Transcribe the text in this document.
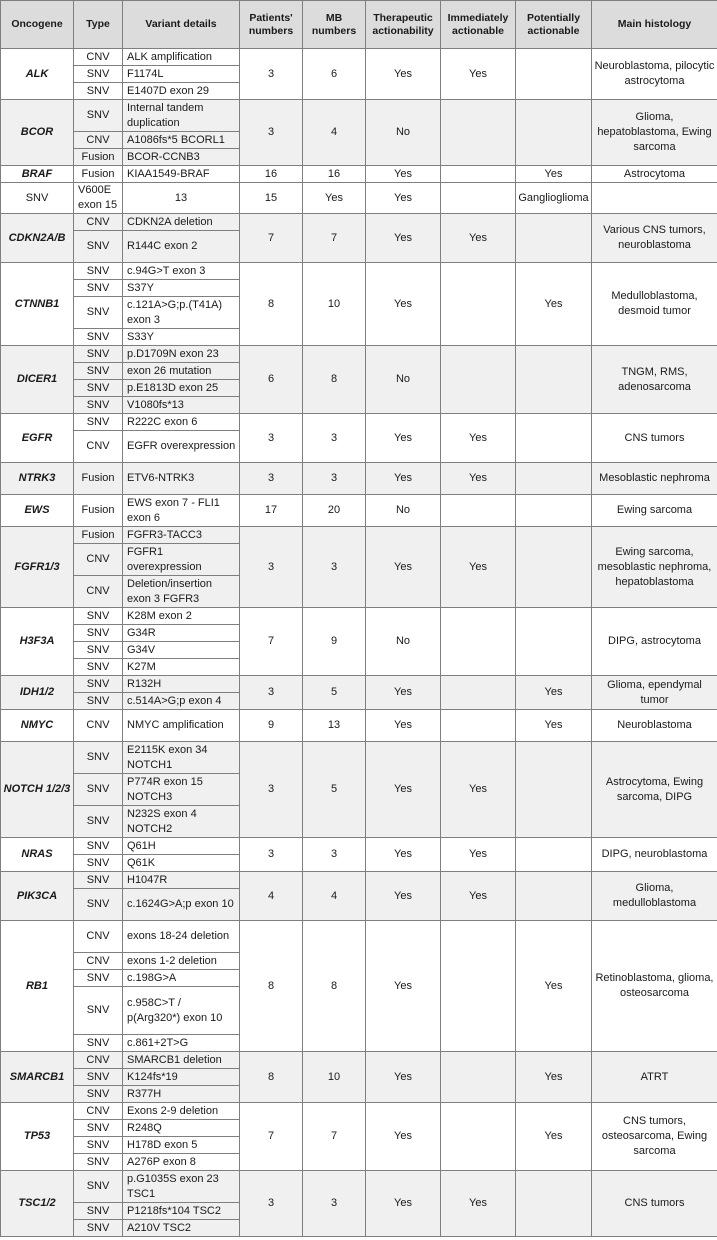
Oncogene	Type	Variant details	Patients' numbers	MB numbers	Therapeutic actionability	Immediately actionable	Potentially actionable	Main histology
ALK	CNV	ALK amplification	3	6	Yes	Yes		Neuroblastoma, pilocytic astrocytoma
	SNV	F1174L						
	SNV	E1407D exon 29						
BCOR	SNV	Internal tandem duplication	3	4	No			Glioma, hepatoblastoma, Ewing sarcoma
	CNV	A1086fs*5 BCORL1						
	Fusion	BCOR-CCNB3						
BRAF	Fusion	KIAA1549-BRAF	16	16	Yes		Yes	Astrocytoma
SNV	V600E exon 15	13	15	Yes	Yes		Ganglioglioma	
CDKN2A/B	CNV	CDKN2A deletion	7	7	Yes	Yes		Various CNS tumors, neuroblastoma
	SNV	R144C exon 2						
CTNNB1	SNV	c.94G>T exon 3	8	10	Yes		Yes	Medulloblastoma, desmoid tumor
	SNV	S37Y						
	SNV	c.121A>G;p.(T41A) exon 3						
	SNV	S33Y						
DICER1	SNV	p.D1709N exon 23	6	8	No			TNGM, RMS, adenosarcoma
	SNV	exon 26 mutation						
	SNV	p.E1813D exon 25						
	SNV	V1080fs*13						
EGFR	SNV	R222C exon 6	3	3	Yes	Yes		CNS tumors
	CNV	EGFR overexpression						
NTRK3	Fusion	ETV6-NTRK3	3	3	Yes	Yes		Mesoblastic nephroma
EWS	Fusion	EWS exon 7 - FLI1 exon 6	17	20	No			Ewing sarcoma
FGFR1/3	Fusion	FGFR3-TACC3	3	3	Yes	Yes		Ewing sarcoma, mesoblastic nephroma, hepatoblastoma
	CNV	FGFR1 overexpression						
	CNV	Deletion/insertion exon 3 FGFR3						
H3F3A	SNV	K28M exon 2	7	9	No			DIPG, astrocytoma
	SNV	G34R						
	SNV	G34V						
	SNV	K27M						
IDH1/2	SNV	R132H	3	5	Yes		Yes	Glioma, ependymal tumor
	SNV	c.514A>G;p exon 4						
NMYC	CNV	NMYC amplification	9	13	Yes		Yes	Neuroblastoma
NOTCH 1/2/3	SNV	E2115K exon 34 NOTCH1	3	5	Yes	Yes		Astrocytoma, Ewing sarcoma, DIPG
	SNV	P774R exon 15 NOTCH3						
	SNV	N232S exon 4 NOTCH2						
NRAS	SNV	Q61H	3	3	Yes	Yes		DIPG, neuroblastoma
	SNV	Q61K						
PIK3CA	SNV	H1047R	4	4	Yes	Yes		Glioma, medulloblastoma
	SNV	c.1624G>A;p exon 10						
RB1	CNV	exons 18-24 deletion	8	8	Yes		Yes	Retinoblastoma, glioma, osteosarcoma
	CNV	exons 1-2 deletion						
	SNV	c.198G>A						
	SNV	c.958C>T / p(Arg320*) exon 10						
	SNV	c.861+2T>G						
SMARCB1	CNV	SMARCB1 deletion	8	10	Yes		Yes	ATRT
	SNV	K124fs*19						
	SNV	R377H						
TP53	CNV	Exons 2-9 deletion	7	7	Yes		Yes	CNS tumors, osteosarcoma, Ewing sarcoma
	SNV	R248Q						
	SNV	H178D exon 5						
	SNV	A276P exon 8						
TSC1/2	SNV	p.G1035S exon 23 TSC1	3	3	Yes	Yes		CNS tumors
	SNV	P1218fs*104 TSC2						
	SNV	A210V TSC2						
